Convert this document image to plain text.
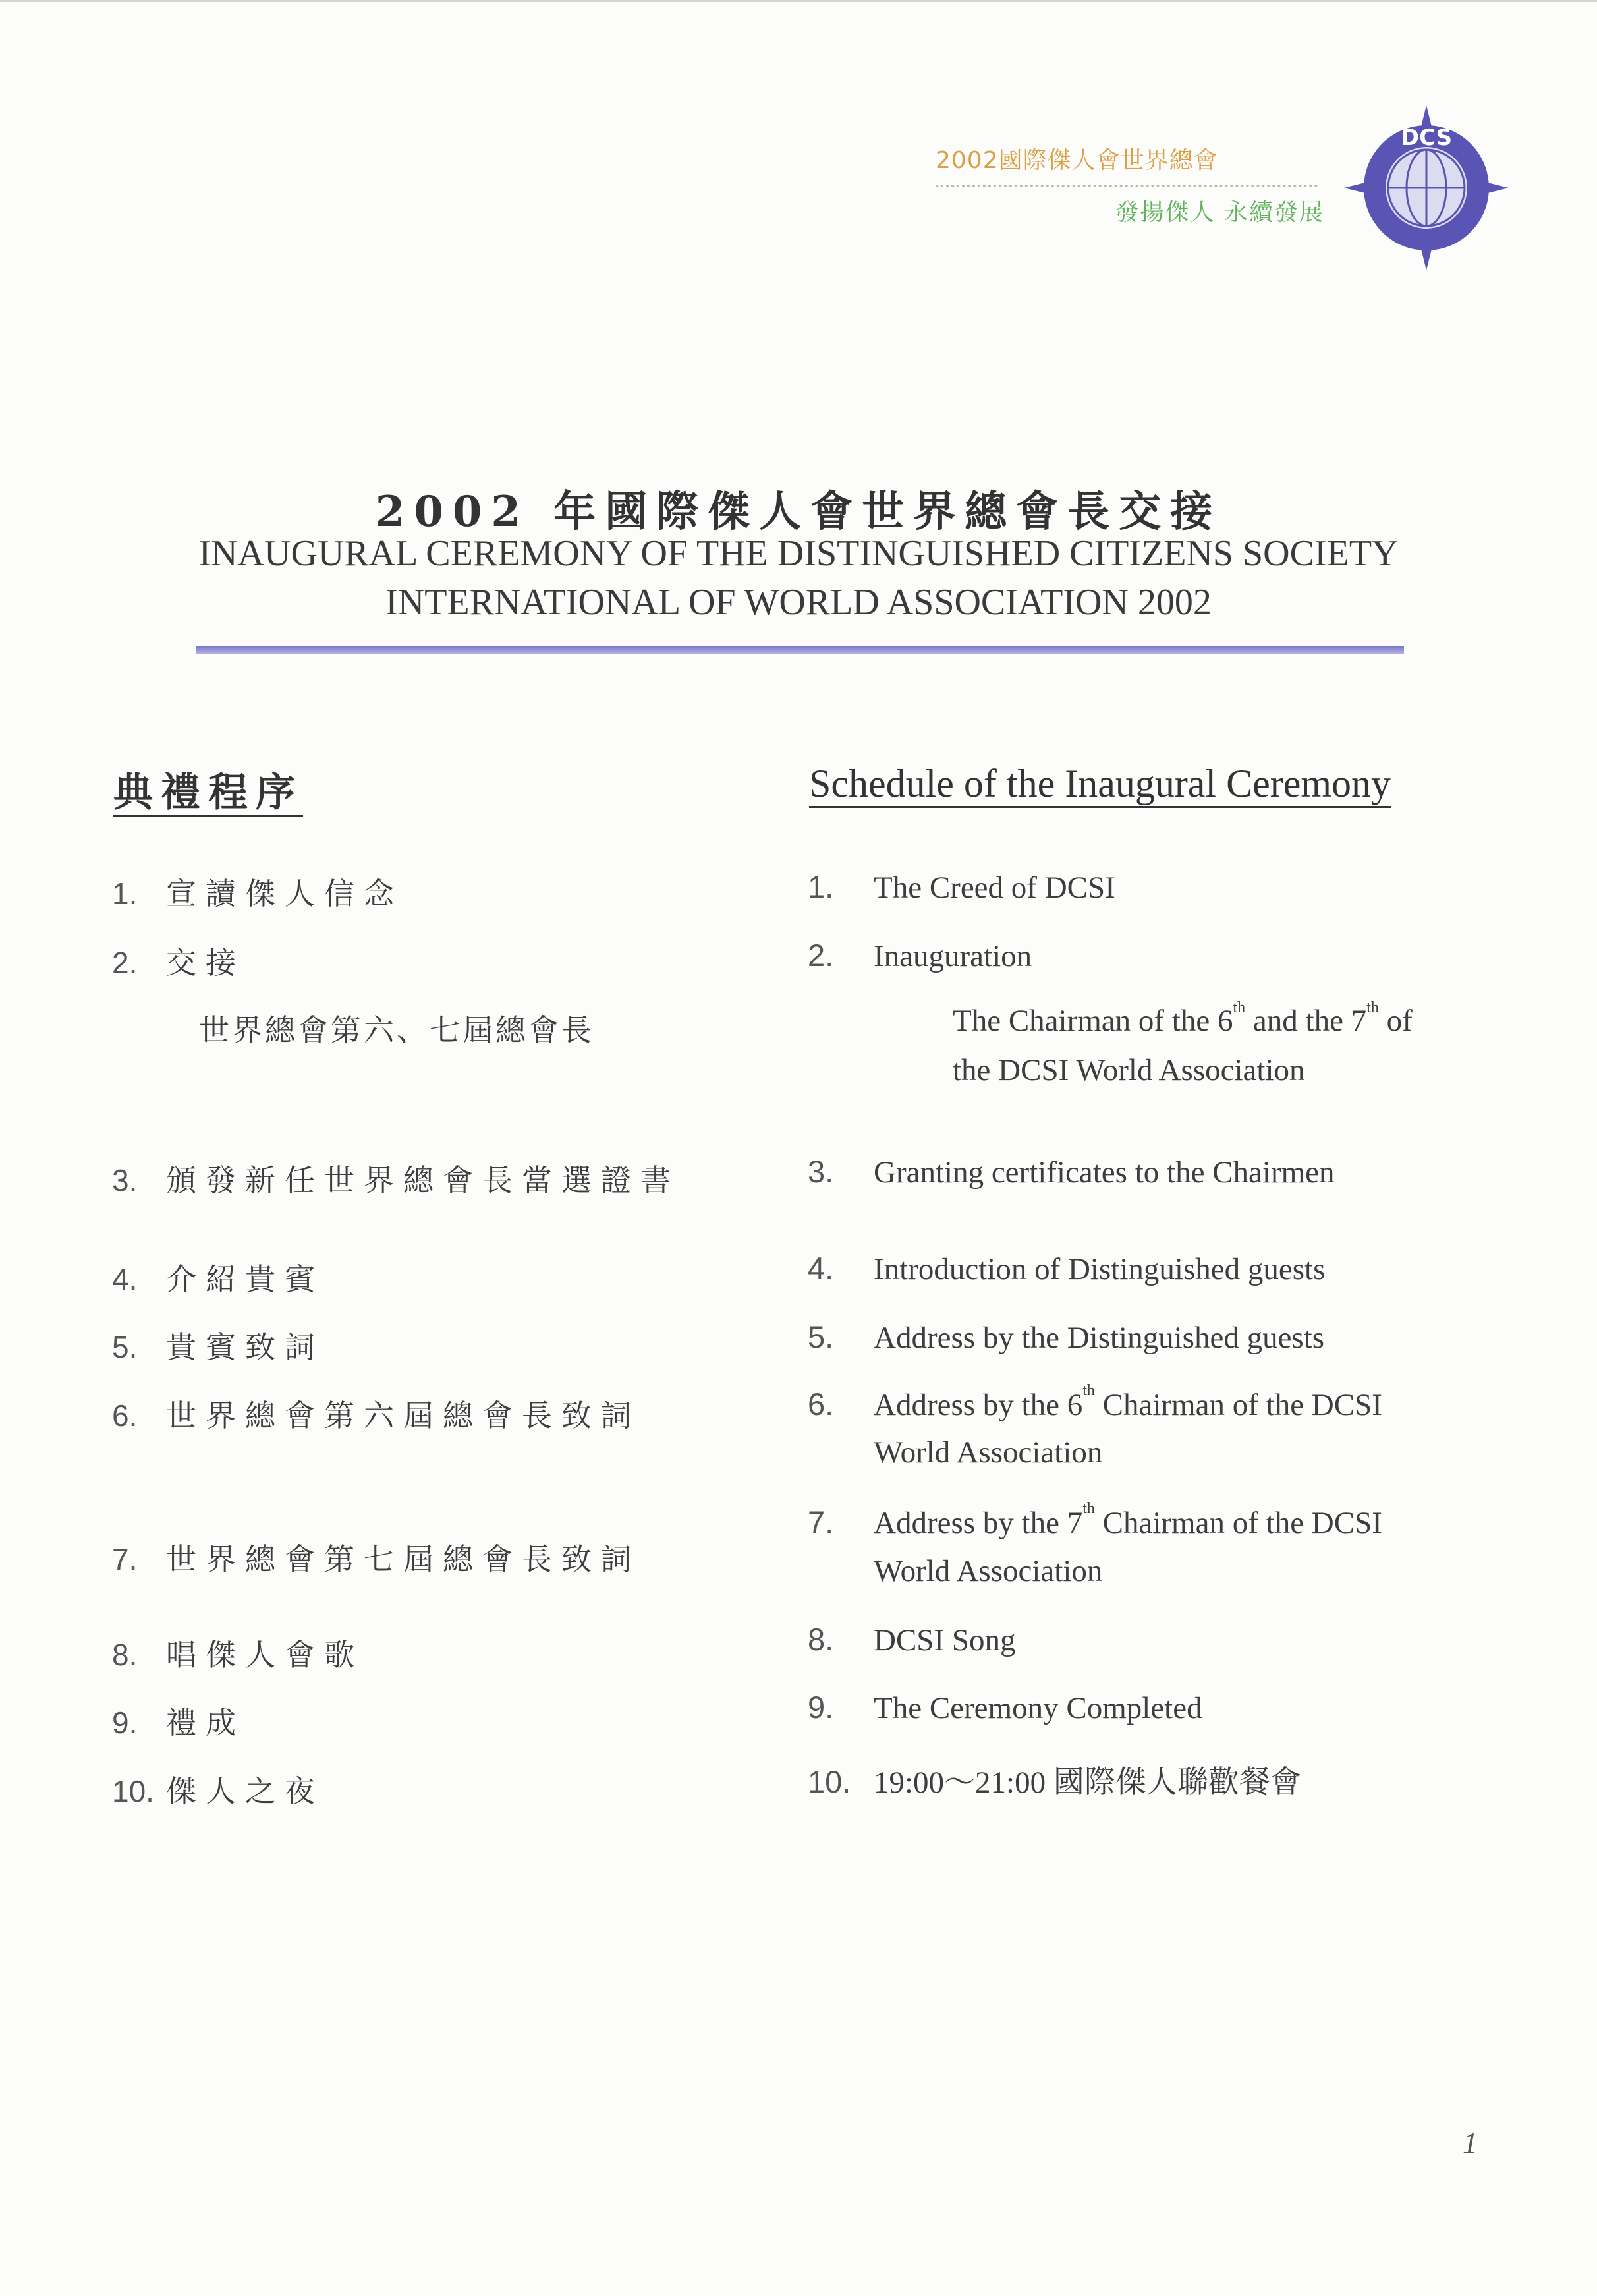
2002國際傑人會世界總會
發揚傑人 永續發展
DCS
2002 年國際傑人會世界總會長交接
INAUGURAL CEREMONY OF THE DISTINGUISHED CITIZENS SOCIETY
INTERNATIONAL OF WORLD ASSOCIATION 2002
典禮程序	Schedule of the Inaugural Ceremony
1. 宣讀傑人信念
2. 交接
世界總會第六、七屆總會長
3. 頒發新任世界總會長當選證書
4. 介紹貴賓
5. 貴賓致詞
6. 世界總會第六屆總會長致詞
7. 世界總會第七屆總會長致詞
8. 唱傑人會歌
9. 禮成
10. 傑人之夜
1. The Creed of DCSI
2. Inauguration
The Chairman of the 6th and the 7th of
the DCSI World Association
3. Granting certificates to the Chairmen
4. Introduction of Distinguished guests
5. Address by the Distinguished guests
6. Address by the 6th Chairman of the DCSI
World Association
7. Address by the 7th Chairman of the DCSI
World Association
8. DCSI Song
9. The Ceremony Completed
10. 19:00～21:00 國際傑人聯歡餐會
1
